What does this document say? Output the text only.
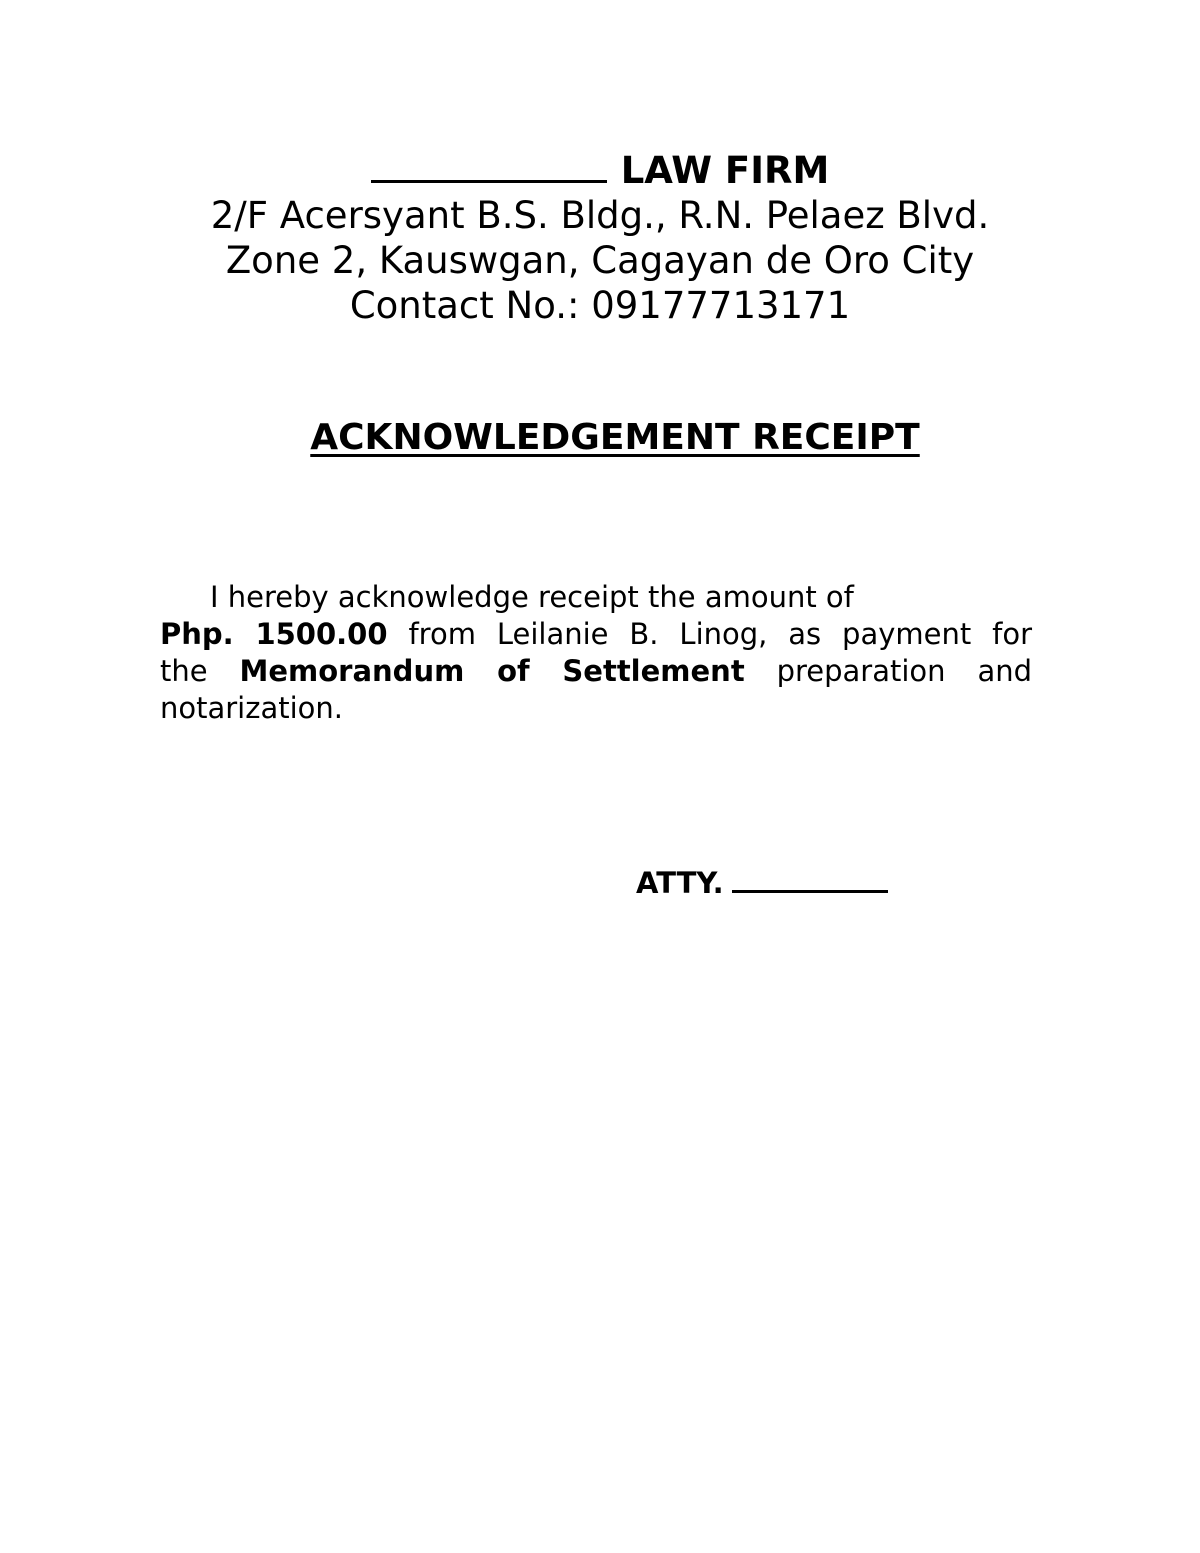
LAW FIRM
2/F Acersyant B.S. Bldg., R.N. Pelaez Blvd.
Zone 2, Kauswgan, Cagayan de Oro City
Contact No.: 09177713171
ACKNOWLEDGEMENT RECEIPT
I hereby acknowledge receipt the amount of
Php. 1500.00 from Leilanie B. Linog, as payment for
the Memorandum of Settlement preparation and
notarization.
ATTY.
